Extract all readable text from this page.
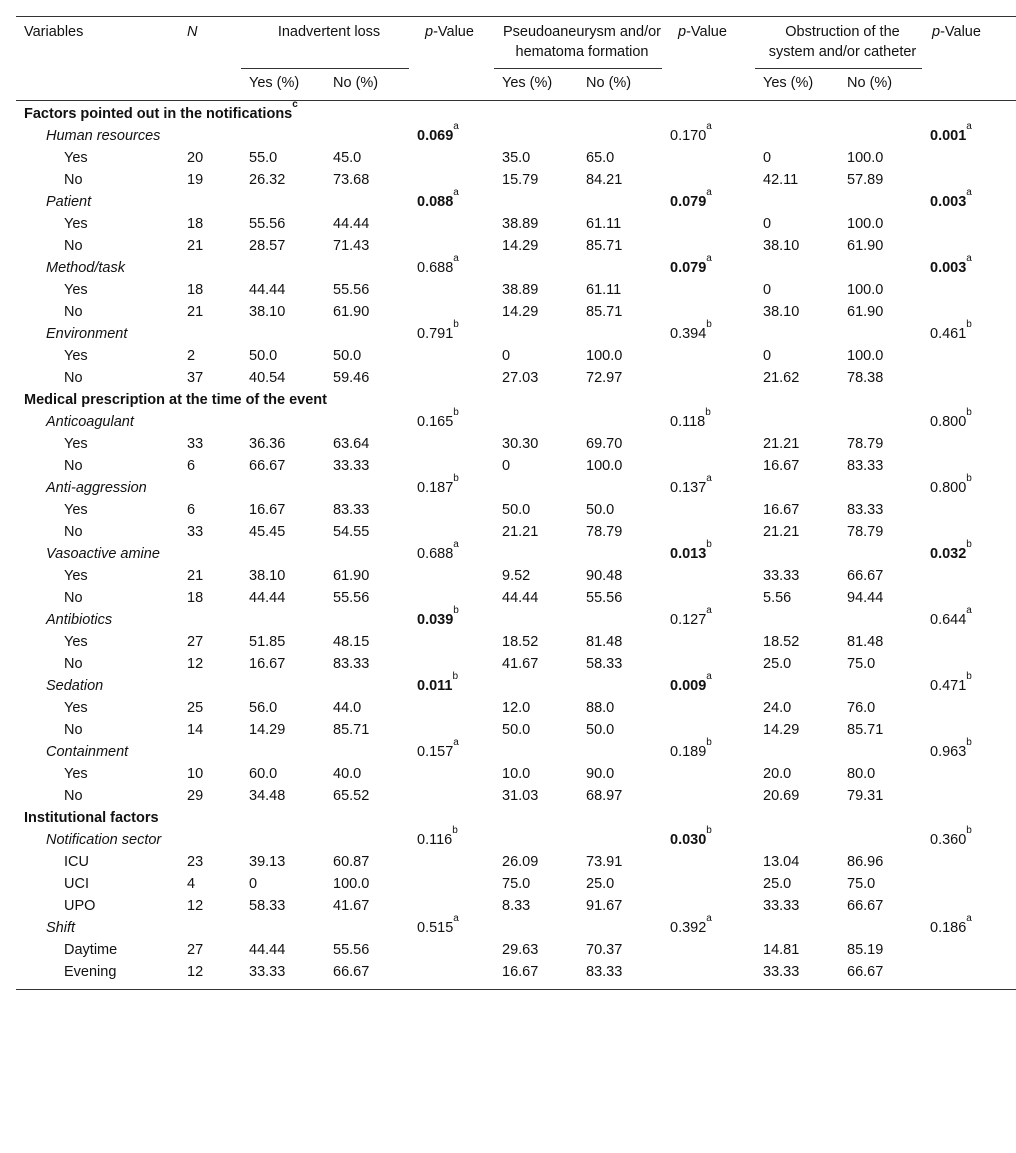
Variables	N	Inadvertent loss		p-Value	Pseudoaneurysm and/or hematoma formation		p-Value	Obstruction of the system and/or catheter		p-Value
		Yes (%)	No (%)		Yes (%)	No (%)		Yes (%)	No (%)	
Factors pointed out in the notifications$^c$
Human resources				0.069$^a$			0.170$^a$			0.001$^a$
Yes	20	55.0	45.0		35.0	65.0		0	100.0	
No	19	26.32	73.68		15.79	84.21		42.11	57.89	
Patient				0.088$^a$			0.079$^a$			0.003$^a$
Yes	18	55.56	44.44		38.89	61.11		0	100.0	
No	21	28.57	71.43		14.29	85.71		38.10	61.90	
Method/task				0.688$^a$			0.079$^a$			0.003$^a$
Yes	18	44.44	55.56		38.89	61.11		0	100.0	
No	21	38.10	61.90		14.29	85.71		38.10	61.90	
Environment				0.791$^b$			0.394$^b$			0.461$^b$
Yes	2	50.0	50.0		0	100.0		0	100.0	
No	37	40.54	59.46		27.03	72.97		21.62	78.38	
Medical prescription at the time of the event										
Anticoagulant				0.165$^b$			0.118$^b$			0.800$^b$
Yes	33	36.36	63.64		30.30	69.70		21.21	78.79	
No	6	66.67	33.33		0	100.0		16.67	83.33	
Anti-aggression				0.187$^b$			0.137$^a$			0.800$^b$
Yes	6	16.67	83.33		50.0	50.0		16.67	83.33	
No	33	45.45	54.55		21.21	78.79		21.21	78.79	
Vasoactive amine				0.688$^a$			0.013$^b$			0.032$^b$
Yes	21	38.10	61.90		9.52	90.48		33.33	66.67	
No	18	44.44	55.56		44.44	55.56		5.56	94.44	
Antibiotics				0.039$^b$			0.127$^a$			0.644$^a$
Yes	27	51.85	48.15		18.52	81.48		18.52	81.48	
No	12	16.67	83.33		41.67	58.33		25.0	75.0	
Sedation				0.011$^b$			0.009$^a$			0.471$^b$
Yes	25	56.0	44.0		12.0	88.0		24.0	76.0	
No	14	14.29	85.71		50.0	50.0		14.29	85.71	
Containment				0.157$^a$			0.189$^b$			0.963$^b$
Yes	10	60.0	40.0		10.0	90.0		20.0	80.0	
No	29	34.48	65.52		31.03	68.97		20.69	79.31	
Institutional factors										
Notification sector				0.116$^b$			0.030$^b$			0.360$^b$
ICU	23	39.13	60.87		26.09	73.91		13.04	86.96	
UCI	4	0	100.0		75.0	25.0		25.0	75.0	
UPO	12	58.33	41.67		8.33	91.67		33.33	66.67	
Shift				0.515$^a$			0.392$^a$			0.186$^a$
Daytime	27	44.44	55.56		29.63	70.37		14.81	85.19	
Evening	12	33.33	66.67		16.67	83.33		33.33	66.67	
